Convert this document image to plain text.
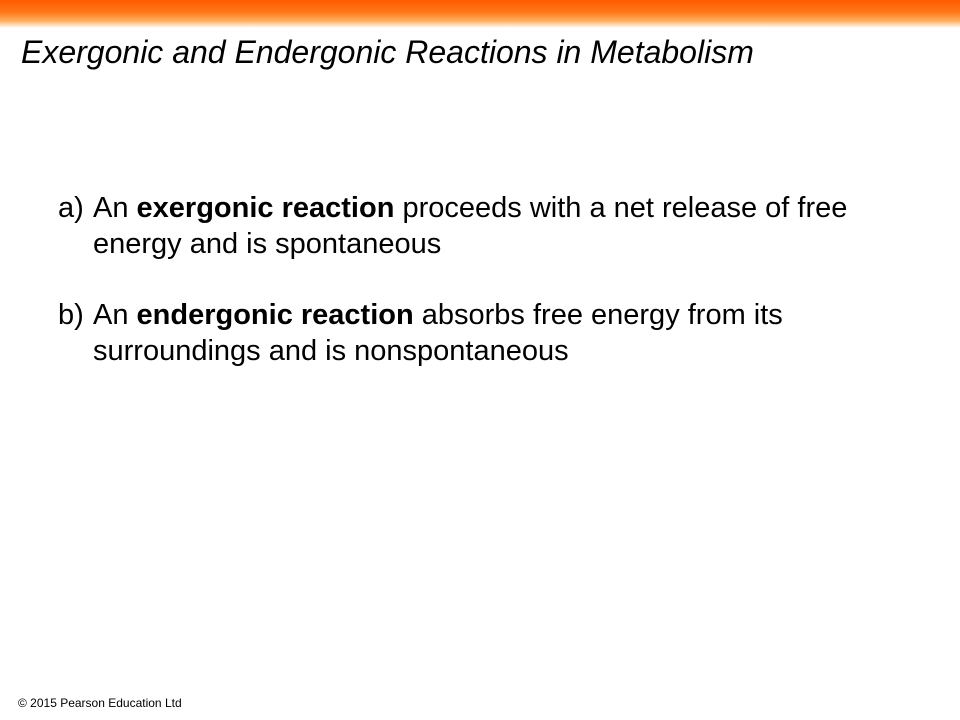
Exergonic and Endergonic Reactions in Metabolism
a) An exergonic reaction proceeds with a net release of free energy and is spontaneous
b) An endergonic reaction absorbs free energy from its surroundings and is nonspontaneous
© 2015 Pearson Education Ltd
